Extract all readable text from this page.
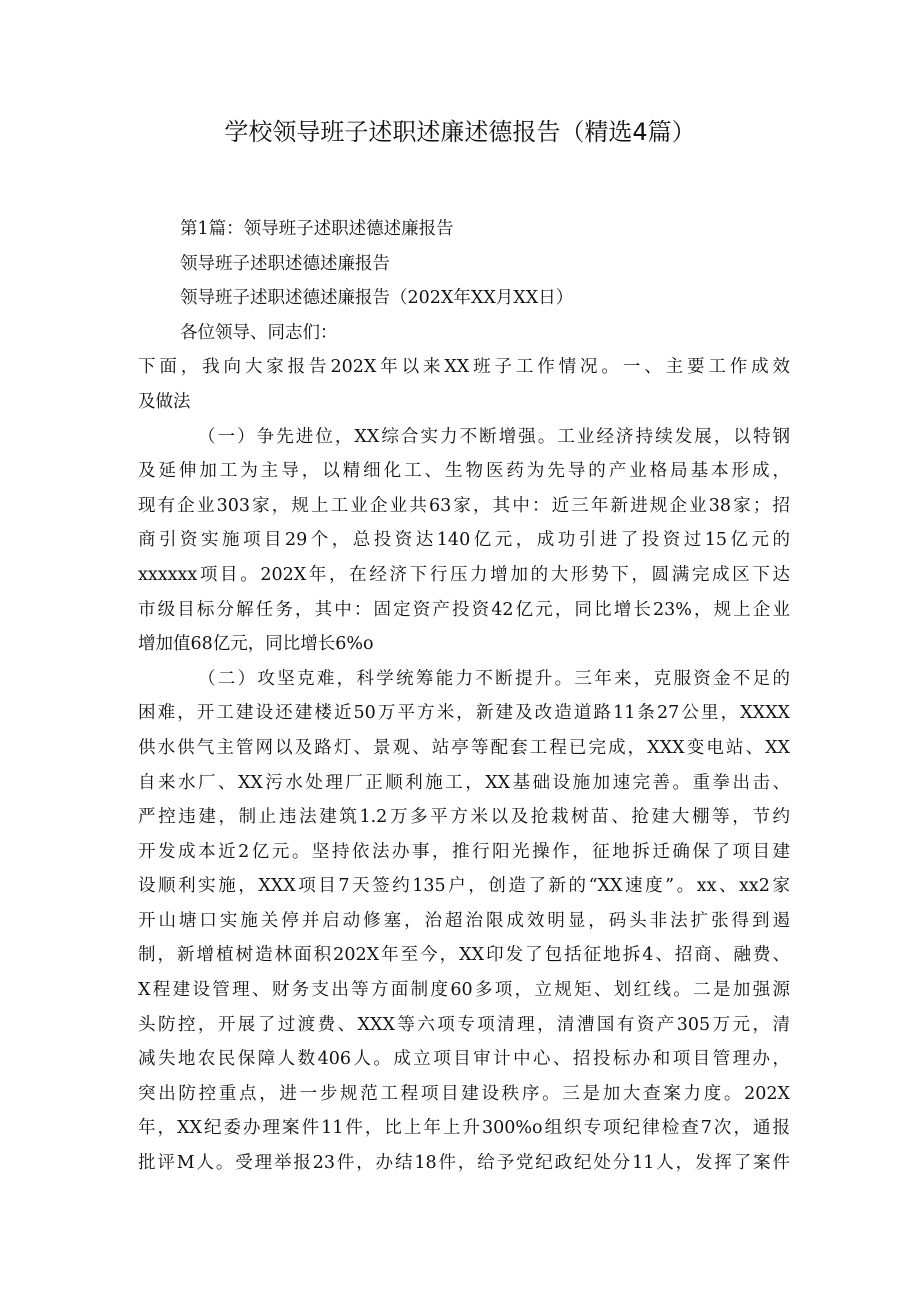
学校领导班子述职述廉述德报告（精选4篇）
第1篇：领导班子述职述德述廉报告
领导班子述职述德述廉报告
领导班子述职述德述廉报告（202X年XX月XX日）
各位领导、同志们：
下面，我向大家报告202X年以来XX班子工作情况。一、主要工作成效
及做法
（一）争先进位，XX综合实力不断增强。工业经济持续发展，以特钢
及延伸加工为主导，以精细化工、生物医药为先导的产业格局基本形成，
现有企业303家，规上工业企业共63家，其中：近三年新进规企业38家；招
商引资实施项目29个，总投资达140亿元，成功引进了投资过15亿元的
xxxxxx项目。202X年，在经济下行压力增加的大形势下，圆满完成区下达
市级目标分解任务，其中：固定资产投资42亿元，同比增长23%，规上企业
增加值68亿元，同比增长6%o
（二）攻坚克难，科学统筹能力不断提升。三年来，克服资金不足的
困难，开工建设还建楼近50万平方米，新建及改造道路11条27公里，XXXX
供水供气主管网以及路灯、景观、站亭等配套工程已完成，XXX变电站、XX
自来水厂、XX污水处理厂正顺利施工，XX基础设施加速完善。重拳出击、
严控违建，制止违法建筑1.2万多平方米以及抢栽树苗、抢建大棚等，节约
开发成本近2亿元。坚持依法办事，推行阳光操作，征地拆迁确保了项目建
设顺利实施，XXX项目7天签约135户，创造了新的“XX速度”。xx、xx2家
开山塘口实施关停并启动修塞，治超治限成效明显，码头非法扩张得到遏
制，新增植树造林面积202X年至今，XX印发了包括征地拆4、招商、融费、
X程建设管理、财务支出等方面制度60多项，立规矩、划红线。二是加强源
头防控，开展了过渡费、XXX等六项专项清理，清漕国有资产305万元，清
减失地农民保障人数406人。成立项目审计中心、招投标办和项目管理办，
突出防控重点，进一步规范工程项目建设秩序。三是加大查案力度。202X
年，XX纪委办理案件11件，比上年上升300%o组织专项纪律检查7次，通报
批评M人。受理举报23件，办结18件，给予党纪政纪处分11人，发挥了案件
